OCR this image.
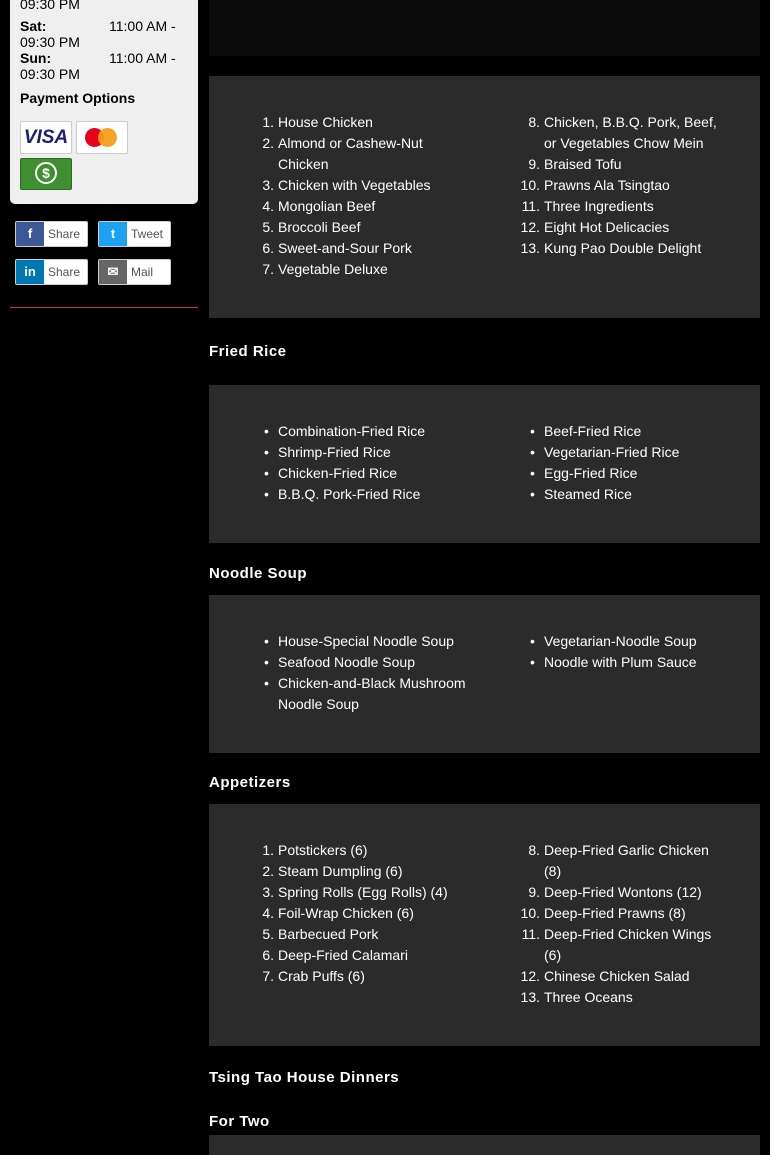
09:30 PM
Sat:	11:00 AM -
09:30 PM
Sun:	11:00 AM -
09:30 PM
Payment Options
VISA
$
f	Share	t	Tweet
in	Share	✉	Mail
1. House Chicken
2. Almond or Cashew-Nut Chicken
3. Chicken with Vegetables
4. Mongolian Beef
5. Broccoli Beef
6. Sweet-and-Sour Pork
7. Vegetable Deluxe
8. Chicken, B.B.Q. Pork, Beef, or Vegetables Chow Mein
9. Braised Tofu
10. Prawns Ala Tsingtao
11. Three Ingredients
12. Eight Hot Delicacies
13. Kung Pao Double Delight
Fried Rice
• Combination-Fried Rice
• Shrimp-Fried Rice
• Chicken-Fried Rice
• B.B.Q. Pork-Fried Rice
• Beef-Fried Rice
• Vegetarian-Fried Rice
• Egg-Fried Rice
• Steamed Rice
Noodle Soup
• House-Special Noodle Soup
• Seafood Noodle Soup
• Chicken-and-Black Mushroom Noodle Soup
• Vegetarian-Noodle Soup
• Noodle with Plum Sauce
Appetizers
1. Potstickers (6)
2. Steam Dumpling (6)
3. Spring Rolls (Egg Rolls) (4)
4. Foil-Wrap Chicken (6)
5. Barbecued Pork
6. Deep-Fried Calamari
7. Crab Puffs (6)
8. Deep-Fried Garlic Chicken (8)
9. Deep-Fried Wontons (12)
10. Deep-Fried Prawns (8)
11. Deep-Fried Chicken Wings (6)
12. Chinese Chicken Salad
13. Three Oceans
Tsing Tao House Dinners
For Two
